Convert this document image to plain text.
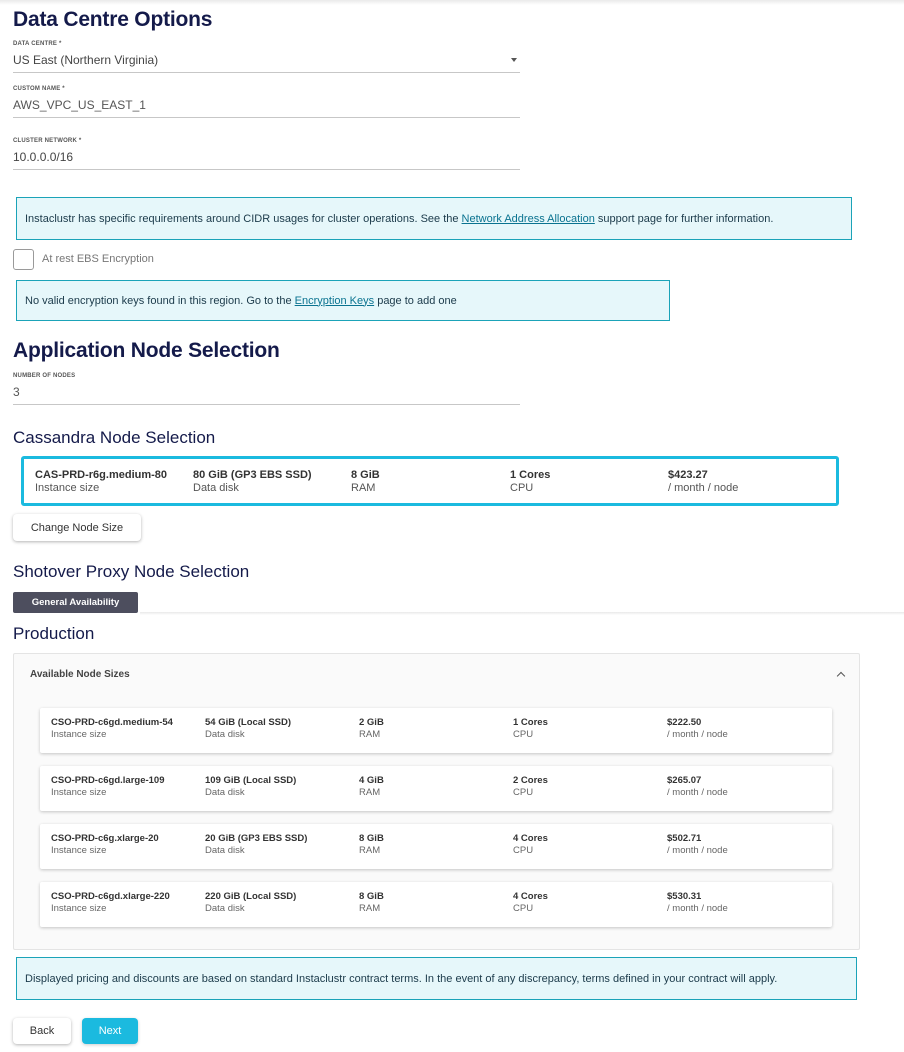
Data Centre Options
DATA CENTRE *
US East (Northern Virginia)
CUSTOM NAME *
AWS_VPC_US_EAST_1
CLUSTER NETWORK *
10.0.0.0/16
Instaclustr has specific requirements around CIDR usages for cluster operations. See the Network Address Allocation support page for further information.
At rest EBS Encryption
No valid encryption keys found in this region. Go to the Encryption Keys page to add one
Application Node Selection
NUMBER OF NODES
3
Cassandra Node Selection
CAS-PRD-r6g.medium-80
Instance size
80 GiB (GP3 EBS SSD)
Data disk
8 GiB
RAM
1 Cores
CPU
$423.27
/ month / node
Change Node Size
Shotover Proxy Node Selection
General Availability
Production
Available Node Sizes
CSO-PRD-c6gd.medium-54
Instance size
54 GiB (Local SSD)
Data disk
2 GiB
RAM
1 Cores
CPU
$222.50
/ month / node
CSO-PRD-c6gd.large-109
Instance size
109 GiB (Local SSD)
Data disk
4 GiB
RAM
2 Cores
CPU
$265.07
/ month / node
CSO-PRD-c6g.xlarge-20
Instance size
20 GiB (GP3 EBS SSD)
Data disk
8 GiB
RAM
4 Cores
CPU
$502.71
/ month / node
CSO-PRD-c6gd.xlarge-220
Instance size
220 GiB (Local SSD)
Data disk
8 GiB
RAM
4 Cores
CPU
$530.31
/ month / node
Displayed pricing and discounts are based on standard Instaclustr contract terms. In the event of any discrepancy, terms defined in your contract will apply.
Back	Next
